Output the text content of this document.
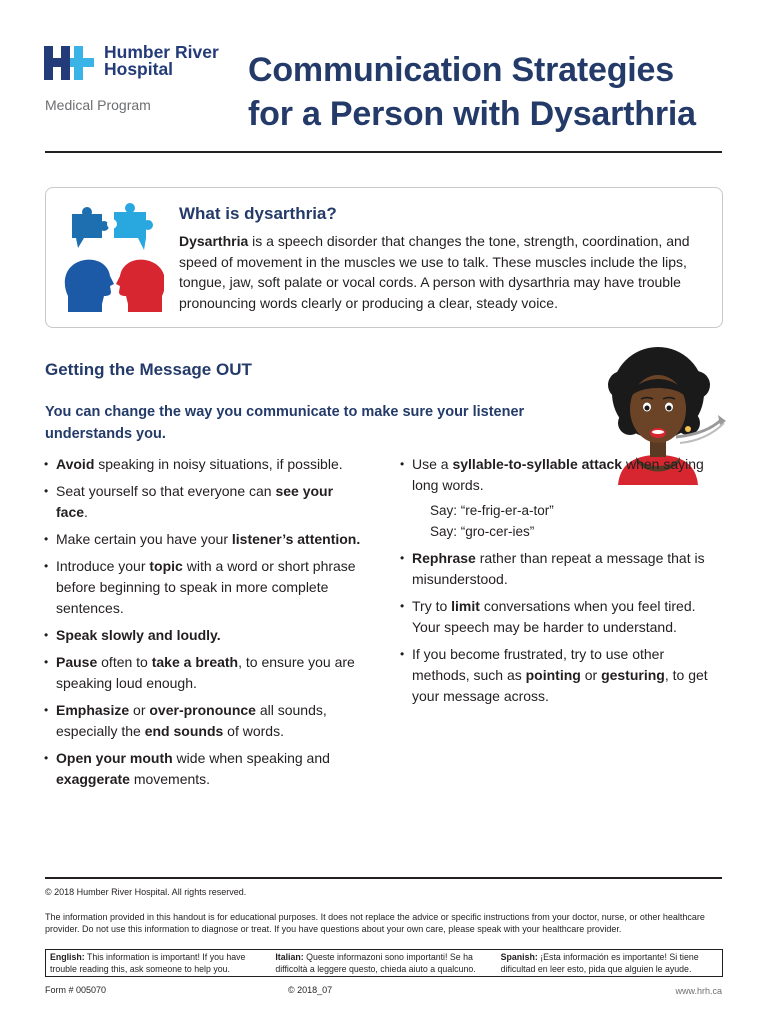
Humber River
Hospital
Medical Program
Communication Strategies
for a Person with Dysarthria
What is dysarthria?
Dysarthria is a speech disorder that changes the tone, strength, coordination, and speed of movement in the muscles we use to talk. These muscles include the lips, tongue, jaw, soft palate or vocal cords. A person with dysarthria may have trouble pronouncing words clearly or producing a clear, steady voice.
Getting the Message OUT
You can change the way you communicate to make sure your listener understands you.
• Avoid speaking in noisy situations, if possible.
• Seat yourself so that everyone can see your face.
• Make certain you have your listener’s attention.
• Introduce your topic with a word or short phrase before beginning to speak in more complete sentences.
• Speak slowly and loudly.
• Pause often to take a breath, to ensure you are speaking loud enough.
• Emphasize or over-pronounce all sounds, especially the end sounds of words.
• Open your mouth wide when speaking and exaggerate movements.
• Use a syllable-to-syllable attack when saying long words.
Say: “re-frig-er-a-tor”
Say: “gro-cer-ies”
• Rephrase rather than repeat a message that is misunderstood.
• Try to limit conversations when you feel tired. Your speech may be harder to understand.
• If you become frustrated, try to use other methods, such as pointing or gesturing, to get your message across.
© 2018 Humber River Hospital. All rights reserved.
The information provided in this handout is for educational purposes. It does not replace the advice or specific instructions from your doctor, nurse, or other healthcare provider. Do not use this information to diagnose or treat. If you have questions about your own care, please speak with your healthcare provider.
English: This information is important! If you have trouble reading this, ask someone to help you.
Italian: Queste informazoni sono importanti! Se ha difficoltà a leggere questo, chieda aiuto a qualcuno.
Spanish: ¡Esta información es importante! Si tiene dificultad en leer esto, pida que alguien le ayude.
Form # 005070	© 2018_07	www.hrh.ca
